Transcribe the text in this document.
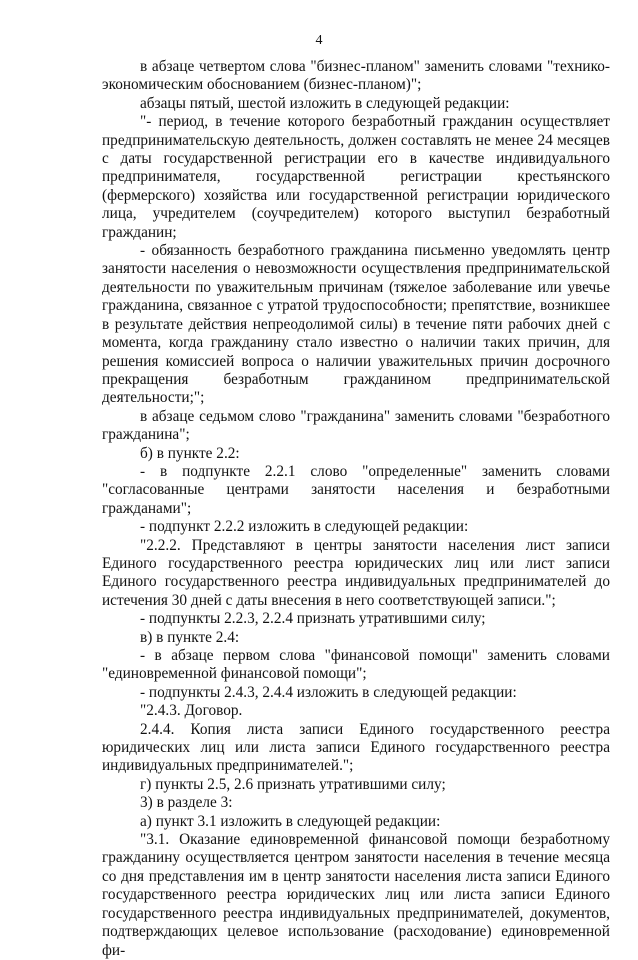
4

в абзаце четвертом слова "бизнес-планом" заменить словами "технико-экономическим обоснованием (бизнес-планом)";

абзацы пятый, шестой изложить в следующей редакции:

"- период, в течение которого безработный гражданин осуществляет предпринимательскую деятельность, должен составлять не менее 24 месяцев с даты государственной регистрации его в качестве индивидуального предпринимателя, государственной регистрации крестьянского (фермерского) хозяйства или государственной регистрации юридического лица, учредителем (соучредителем) которого выступил безработный гражданин;

- обязанность безработного гражданина письменно уведомлять центр занятости населения о невозможности осуществления предпринимательской деятельности по уважительным причинам (тяжелое заболевание или увечье гражданина, связанное с утратой трудоспособности; препятствие, возникшее в результате действия непреодолимой силы) в течение пяти рабочих дней с момента, когда гражданину стало известно о наличии таких причин, для решения комиссией вопроса о наличии уважительных причин досрочного прекращения безработным гражданином предпринимательской деятельности;";

в абзаце седьмом слово "гражданина" заменить словами "безработного гражданина";

б) в пункте 2.2:

- в подпункте 2.2.1 слово "определенные" заменить словами "согласованные центрами занятости населения и безработными гражданами";

- подпункт 2.2.2 изложить в следующей редакции:

"2.2.2. Представляют в центры занятости населения лист записи Единого государственного реестра юридических лиц или лист записи Единого государственного реестра индивидуальных предпринимателей до истечения 30 дней с даты внесения в него соответствующей записи.";

- подпункты 2.2.3, 2.2.4 признать утратившими силу;

в) в пункте 2.4:

- в абзаце первом слова "финансовой помощи" заменить словами "единовременной финансовой помощи";

- подпункты 2.4.3, 2.4.4 изложить в следующей редакции:

"2.4.3. Договор.

2.4.4. Копия листа записи Единого государственного реестра юридических лиц или листа записи Единого государственного реестра индивидуальных предпринимателей.";

г) пункты 2.5, 2.6 признать утратившими силу;

3) в разделе 3:

а) пункт 3.1 изложить в следующей редакции:

"3.1. Оказание единовременной финансовой помощи безработному гражданину осуществляется центром занятости населения в течение месяца со дня представления им в центр занятости населения листа записи Единого государственного реестра юридических лиц или листа записи Единого государственного реестра индивидуальных предпринимателей, документов, подтверждающих целевое использование (расходование) единовременной фи-
